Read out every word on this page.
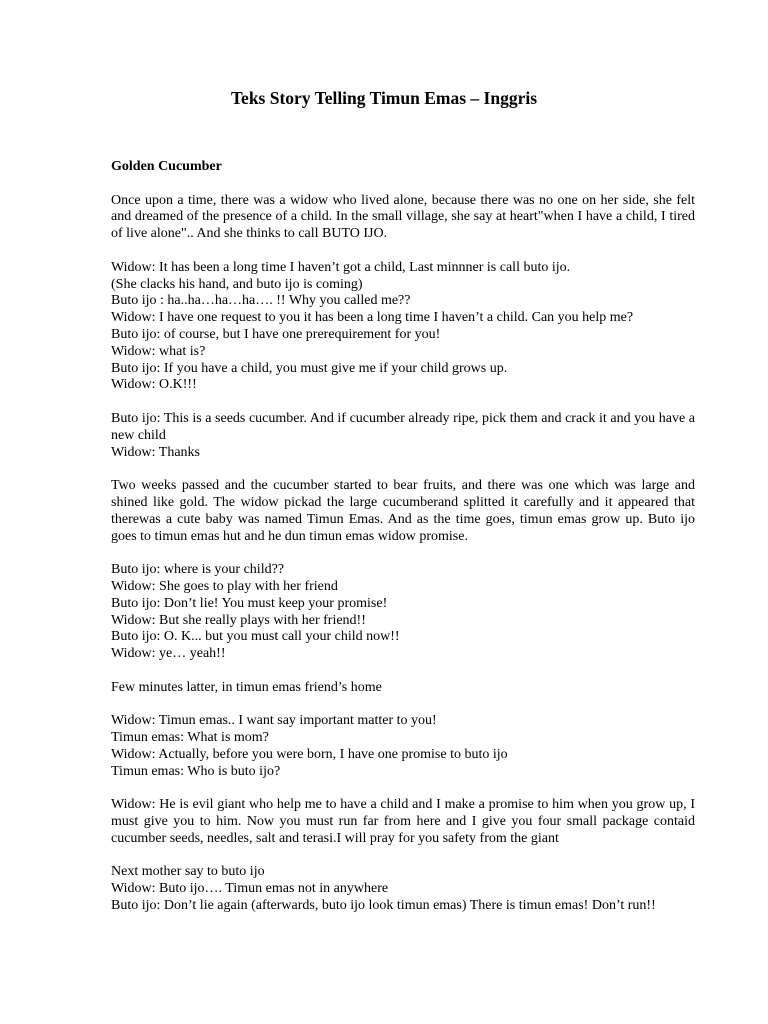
Teks Story Telling Timun Emas – Inggris
Golden Cucumber

Once upon a time, there was a widow who lived alone, because there was no one on her side, she felt and dreamed of the presence of a child. In the small village, she say at heart"when I have a child, I tired of live alone".. And she thinks to call BUTO IJO.

Widow: It has been a long time I haven’t got a child, Last minnner is call buto ijo.

(She clacks his hand, and buto ijo is coming)

Buto ijo : ha..ha…ha…ha…. !! Why you called me??

Widow: I have one request to you it has been a long time I haven’t a child. Can you help me?

Buto ijo: of course, but I have one prerequirement for you!

Widow: what is?

Buto ijo: If you have a child, you must give me if your child grows up.

Widow: O.K!!!

Buto ijo: This is a seeds cucumber. And if cucumber already ripe, pick them and crack it and you have a new child

Widow: Thanks

Two weeks passed and the cucumber started to bear fruits, and there was one which was large and shined like gold. The widow pickad the large cucumberand splitted it carefully and it appeared that therewas a cute baby was named Timun Emas. And as the time goes, timun emas grow up. Buto ijo goes to timun emas hut and he dun timun emas widow promise.

Buto ijo: where is your child??

Widow: She goes to play with her friend

Buto ijo: Don’t lie! You must keep your promise!

Widow: But she really plays with her friend!!

Buto ijo: O. K... but you must call your child now!!

Widow: ye… yeah!!

Few minutes latter, in timun emas friend’s home

Widow: Timun emas.. I want say important matter to you!

Timun emas: What is mom?

Widow: Actually, before you were born, I have one promise to buto ijo

Timun emas: Who is buto ijo?

Widow: He is evil giant who help me to have a child and I make a promise to him when you grow up, I must give you to him. Now you must run far from here and I give you four small package contaid cucumber seeds, needles, salt and terasi.I will pray for you safety from the giant

Next mother say to buto ijo

Widow: Buto ijo…. Timun emas not in anywhere

Buto ijo: Don’t lie again (afterwards, buto ijo look timun emas) There is timun emas! Don’t run!!
